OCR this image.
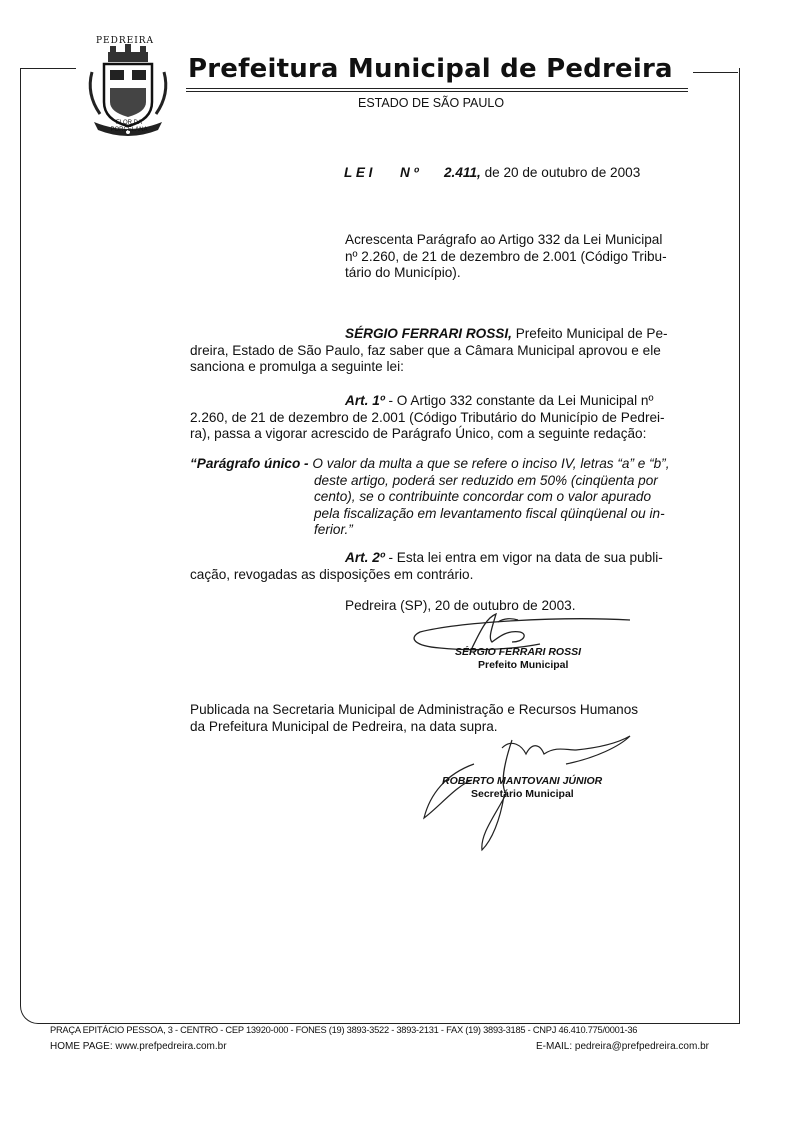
PEDREIRA
FLOR DA PORCELANA
Prefeitura Municipal de Pedreira
ESTADO DE SÃO PAULO
L E I N º 2.411, de 20 de outubro de 2003
Acrescenta Parágrafo ao Artigo 332 da Lei Municipal
nº 2.260, de 21 de dezembro de 2.001 (Código Tribu-
tário do Município).
SÉRGIO FERRARI ROSSI, Prefeito Municipal de Pe-
dreira, Estado de São Paulo, faz saber que a Câmara Municipal aprovou e ele
sanciona e promulga a seguinte lei:
Art. 1º - O Artigo 332 constante da Lei Municipal nº
2.260, de 21 de dezembro de 2.001 (Código Tributário do Município de Pedrei-
ra), passa a vigorar acrescido de Parágrafo Único, com a seguinte redação:
“Parágrafo único - O valor da multa a que se refere o inciso IV, letras “a” e “b”,
deste artigo, poderá ser reduzido em 50% (cinqüenta por
cento), se o contribuinte concordar com o valor apurado
pela fiscalização em levantamento fiscal qüinqüenal ou in-
ferior.”
Art. 2º - Esta lei entra em vigor na data de sua publi-
cação, revogadas as disposições em contrário.
Pedreira (SP), 20 de outubro de 2003.
SÉRGIO FERRARI ROSSI
Prefeito Municipal
Publicada na Secretaria Municipal de Administração e Recursos Humanos
da Prefeitura Municipal de Pedreira, na data supra.
ROBERTO MANTOVANI JÚNIOR
Secretário Municipal
PRAÇA EPITÁCIO PESSOA, 3 - CENTRO - CEP 13920-000 - FONES (19) 3893-3522 - 3893-2131 - FAX (19) 3893-3185 - CNPJ 46.410.775/0001-36
HOME PAGE: www.prefpedreira.com.br	E-MAIL: pedreira@prefpedreira.com.br
